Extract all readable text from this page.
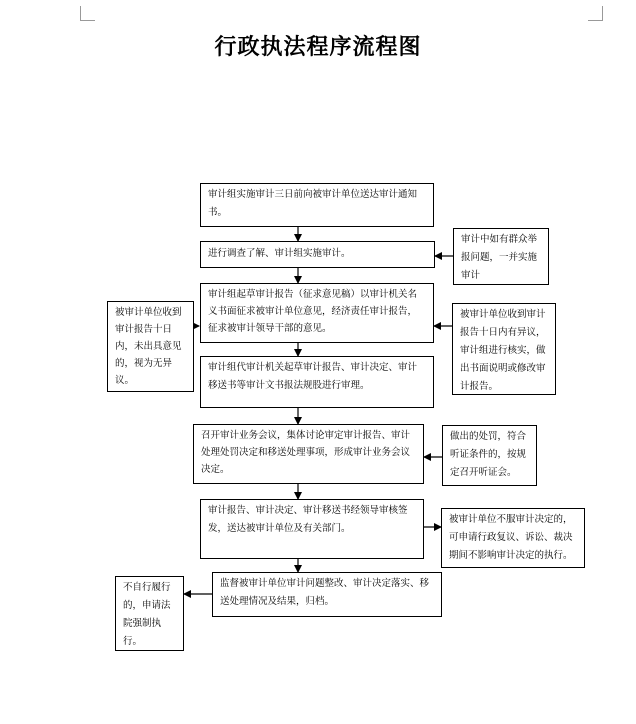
行政执法程序流程图
审计组实施审计三日前向被审计单位送达审计通知书。
进行调查了解、审计组实施审计。
审计组起草审计报告（征求意见稿）以审计机关名义书面征求被审计单位意见，经济责任审计报告，征求被审计领导干部的意见。
审计组代审计机关起草审计报告、审计决定、审计移送书等审计文书报法规股进行审理。
召开审计业务会议，集体讨论审定审计报告、审计处理处罚决定和移送处理事项，形成审计业务会议决定。
审计报告、审计决定、审计移送书经领导审核签发，送达被审计单位及有关部门。
监督被审计单位审计问题整改、审计决定落实、移送处理情况及结果，归档。
审计中如有群众举报问题，一并实施审计
被审计单位收到审计报告十日内，未出具意见的，视为无异议。
被审计单位收到审计报告十日内有异议，审计组进行核实，做出书面说明或修改审计报告。
做出的处罚，符合听证条件的，按规定召开听证会。
被审计单位不服审计决定的，可申请行政复议、诉讼、裁决期间不影响审计决定的执行。
不自行履行的，申请法院强制执行。
